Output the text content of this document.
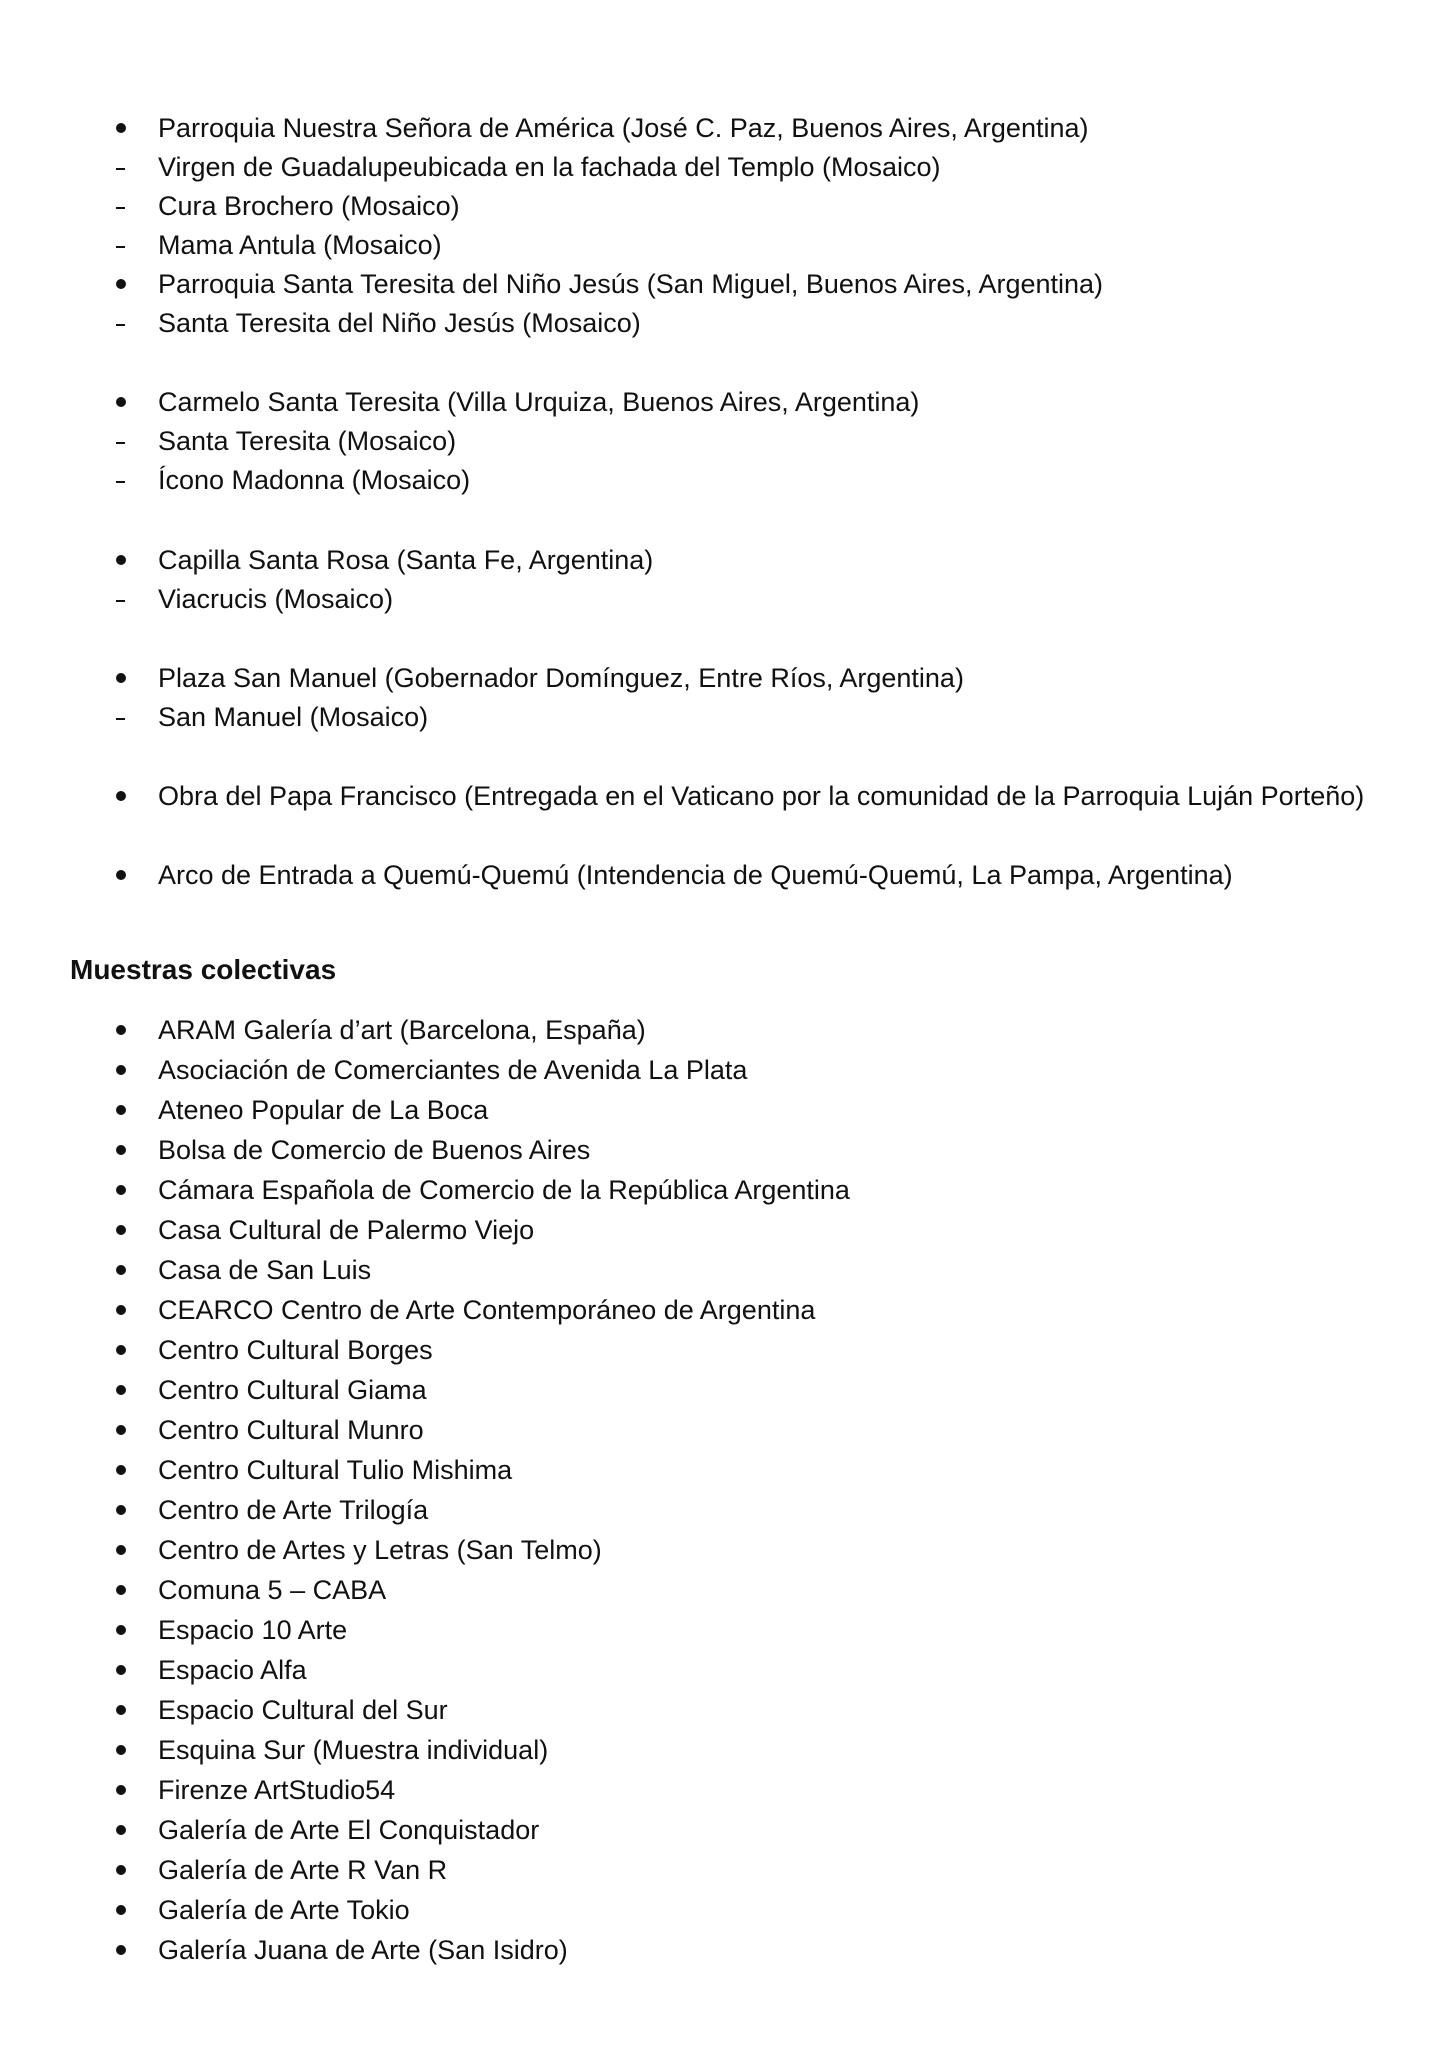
Parroquia Nuestra Señora de América (José C. Paz, Buenos Aires, Argentina)
Virgen de Guadalupeubicada en la fachada del Templo (Mosaico)
Cura Brochero (Mosaico)
Mama Antula (Mosaico)
Parroquia Santa Teresita del Niño Jesús (San Miguel, Buenos Aires, Argentina)
Santa Teresita del Niño Jesús (Mosaico)
Carmelo Santa Teresita (Villa Urquiza, Buenos Aires, Argentina)
Santa Teresita (Mosaico)
Ícono Madonna (Mosaico)
Capilla Santa Rosa (Santa Fe, Argentina)
Viacrucis (Mosaico)
Plaza San Manuel (Gobernador Domínguez, Entre Ríos, Argentina)
San Manuel (Mosaico)
Obra del Papa Francisco (Entregada en el Vaticano por la comunidad de la Parroquia Luján Porteño)
Arco de Entrada a Quemú-Quemú (Intendencia de Quemú-Quemú, La Pampa, Argentina)
Muestras colectivas
ARAM Galería d’art (Barcelona, España)
Asociación de Comerciantes de Avenida La Plata
Ateneo Popular de La Boca
Bolsa de Comercio de Buenos Aires
Cámara Española de Comercio de la República Argentina
Casa Cultural de Palermo Viejo
Casa de San Luis
CEARCO Centro de Arte Contemporáneo de Argentina
Centro Cultural Borges
Centro Cultural Giama
Centro Cultural Munro
Centro Cultural Tulio Mishima
Centro de Arte Trilogía
Centro de Artes y Letras (San Telmo)
Comuna 5 – CABA
Espacio 10 Arte
Espacio Alfa
Espacio Cultural del Sur
Esquina Sur (Muestra individual)
Firenze ArtStudio54
Galería de Arte El Conquistador
Galería de Arte R Van R
Galería de Arte Tokio
Galería Juana de Arte (San Isidro)
